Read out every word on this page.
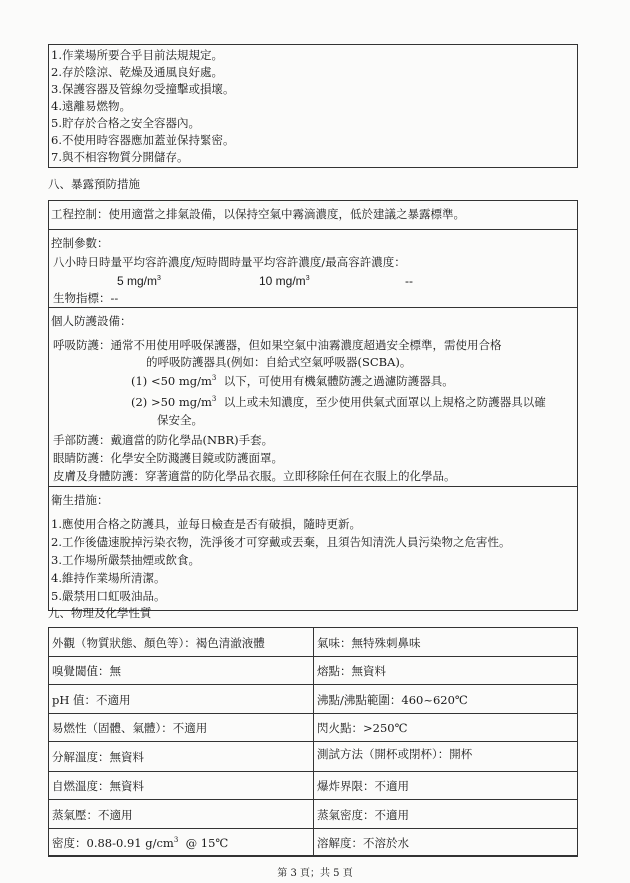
1.作業場所要合乎目前法規規定。
2.存於陰涼、乾燥及通風良好處。
3.保護容器及管線勿受撞擊或損壞。
4.遠離易燃物。
5.貯存於合格之安全容器內。
6.不使用時容器應加蓋並保持緊密。
7.與不相容物質分開儲存。
八、暴露預防措施
工程控制：使用適當之排氣設備，以保持空氣中霧滴濃度，低於建議之暴露標準。
控制參數：
八小時日時量平均容許濃度/短時間時量平均容許濃度/最高容許濃度：
5 $mg/m^3$	10 $mg/m^3$	--
生物指標：--
個人防護設備：
呼吸防護：通常不用使用呼吸保護器，但如果空氣中油霧濃度超過安全標準，需使用合格
的呼吸防護器具(例如：自給式空氣呼吸器(SCBA)。
(1) <50 $mg/m^3$ 以下，可使用有機氣體防護之過濾防護器具。
(2) >50 $mg/m^3$ 以上或未知濃度，至少使用供氣式面罩以上規格之防護器具以確
保安全。
手部防護：戴適當的防化學品(NBR)手套。
眼睛防護：化學安全防濺護目鏡或防護面罩。
皮膚及身體防護：穿著適當的防化學品衣服。立即移除任何在衣服上的化學品。
衛生措施：
1.應使用合格之防護具，並每日檢查是否有破損，隨時更新。
2.工作後儘速脫掉污染衣物，洗淨後才可穿戴或丟棄，且須告知清洗人員污染物之危害性。
3.工作場所嚴禁抽煙或飲食。
4.維持作業場所清潔。
5.嚴禁用口虹吸油品。
九、物理及化學性質
外觀（物質狀態、顏色等）：褐色清澈液體	氣味：無特殊刺鼻味
嗅覺閾值：無	熔點：無資料
pH 值：不適用	沸點/沸點範圍：460~620℃
易燃性（固體、氣體）：不適用	閃火點：>250℃
分解溫度：無資料	測試方法（開杯或閉杯）：開杯
自燃溫度：無資料	爆炸界限：不適用
蒸氣壓：不適用	蒸氣密度：不適用
密度：0.88-0.91 $g/cm^3$ @ 15℃	溶解度：不溶於水
第 3 頁；共 5 頁
